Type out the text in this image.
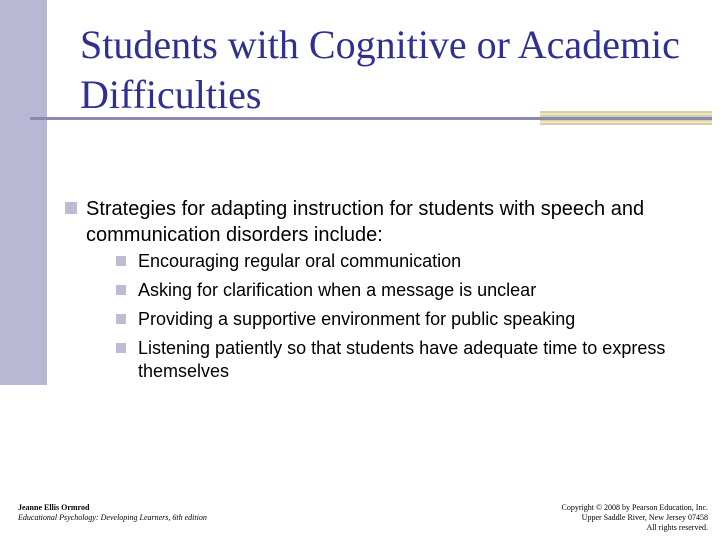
Students with Cognitive or Academic Difficulties
Strategies for adapting instruction for students with speech and communication disorders include:
Encouraging regular oral communication
Asking for clarification when a message is unclear
Providing a supportive environment for public speaking
Listening patiently so that students have adequate time to express themselves
Jeanne Ellis Ormrod
Educational Psychology: Developing Learners, 6th edition
Copyright © 2008 by Pearson Education, Inc.
Upper Saddle River, New Jersey 07458
All rights reserved.
